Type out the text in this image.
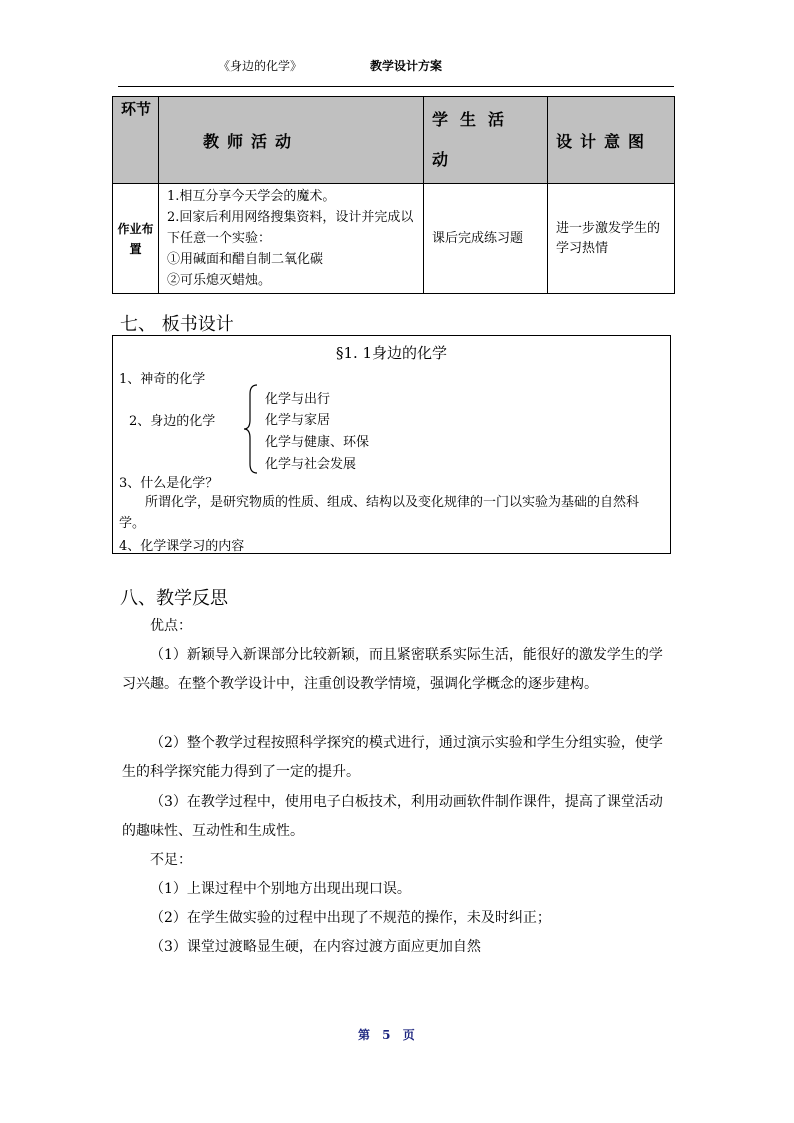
《身边的化学》	教学设计方案
环节	教师活动	学生活动	设计意图
作业布置	1.相互分享今天学会的魔术。
2.回家后利用网络搜集资料，设计并完成以下任意一个实验：
①用碱面和醋自制二氧化碳
②可乐熄灭蜡烛。	课后完成练习题	进一步激发学生的学习热情
七、 板书设计
§1. 1身边的化学
1、神奇的化学
2、身边的化学
化学与出行
化学与家居
化学与健康、环保
化学与社会发展
3、什么是化学？
所谓化学，是研究物质的性质、组成、结构以及变化规律的一门以实验为基础的自然科学。
4、化学课学习的内容
八、教学反思
优点：
（1）新颖导入新课部分比较新颖，而且紧密联系实际生活，能很好的激发学生的学习兴趣。在整个教学设计中，注重创设教学情境，强调化学概念的逐步建构。
（2）整个教学过程按照科学探究的模式进行，通过演示实验和学生分组实验，使学生的科学探究能力得到了一定的提升。
（3）在教学过程中，使用电子白板技术，利用动画软件制作课件，提高了课堂活动的趣味性、互动性和生成性。
不足：
（1）上课过程中个别地方出现出现口误。
（2）在学生做实验的过程中出现了不规范的操作，未及时纠正；
（3）课堂过渡略显生硬，在内容过渡方面应更加自然
第 5 页
